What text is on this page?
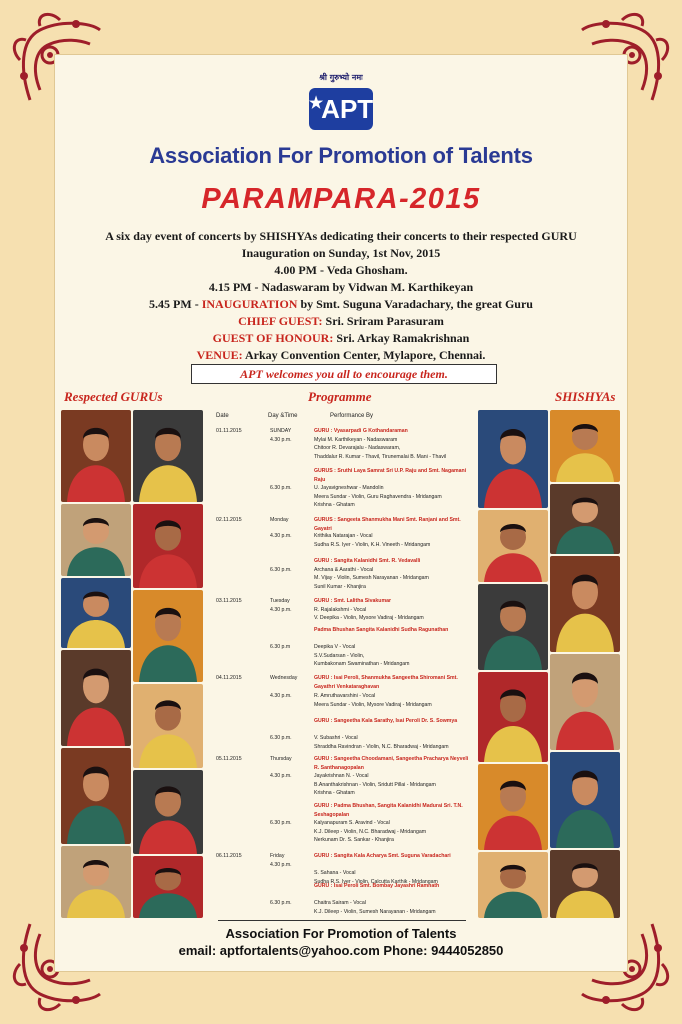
श्री गुरुभ्यो नमः
★
APT
Association For Promotion of Talents
PARAMPARA-2015
A six day event of concerts by SHISHYAs dedicating their concerts to their respected GURU
Inauguration on Sunday, 1st Nov, 2015
4.00 PM - Veda Ghosham.
4.15 PM - Nadaswaram by Vidwan M. Karthikeyan
5.45 PM - INAUGURATION by Smt. Suguna Varadachary, the great Guru
CHIEF GUEST: Sri. Sriram Parasuram
GUEST OF HONOUR: Sri. Arkay Ramakrishnan
VENUE: Arkay Convention Center, Mylapore, Chennai.
APT welcomes you all to encourage them.
Respected GURUs	Programme	SHISHYAs
Date	Day &Time	Performance By
01.11.2015	SUNDAY	GURU : Vyasarpadi G Kothandaraman
4.30 p.m.	Mylai M. Karthikeyan - Nadaswaram
Chitoor R. Devarajalu - Nadaswaram,
Thaddalur R. Kumar - Thavil, Tirunemalai B. Mani - Thavil
GURUS : Sruthi Laya Samrat Sri U.P. Raju and Smt. Nagamani Raju
6.30 p.m.	U. Jayavigneshwar - Mandolin
Meera Sundar - Violin, Guru Raghavendra - Mridangam
Krishna - Ghatam
02.11.2015	Monday	GURUS : Sangeeta Shanmukha Mani Smt. Ranjani and Smt. Gayatri
4.30 p.m.	Krithika Natarajan - Vocal
Sudha R.S. Iyer - Violin, K.H. Vineeth - Mridangam
GURU : Sangita Kalanidhi Smt. R. Vedavalli
6.30 p.m.	Archana & Aarathi - Vocal
M. Vijay - Violin, Sumesh Narayanan - Mridangam
Sunil Kumar - Khanjira
03.11.2015	Tuesday	GURU : Smt. Lalitha Sivakumar
4.30 p.m.	R. Rajalakshmi - Vocal
V. Deepika - Violin, Mysore Vadiraj - Mridangam
Padma Bhushan Sangita Kalanidhi Sudha Ragunathan
6.30 p.m	Deepika V - Vocal
S.V.Sudarsan - Violin,
Kumbakonam Swaminathan - Mridangam
04.11.2015	Wednesday	GURU : Isai Peroli, Shanmukha Sangeetha Shiromani Smt. Gayathri Venkataraghavan
4.30 p.m.	R. Amruthavarshini - Vocal
Meera Sundar - Violin, Mysore Vadiraj - Mridangam
GURU : Sangeetha Kala Sarathy, Isai Peroli Dr. S. Sowmya
6.30 p.m.	V. Subashri - Vocal
Shraddha Ravindran - Violin, N.C. Bharadwaj - Mridangam
05.11.2015	Thursday	GURU : Sangeetha Choodamani, Sangeetha Pracharya Neyveli R. Santhanagopalan
4.30 p.m.	Jayakrishnan N. - Vocal
B.Ananthakrishnan - Violin, Sridutt Pillai - Mridangam
Krishna - Ghatam
GURU : Padma Bhushan, Sangita Kalanidhi Madurai Sri. T.N. Seshagopalan
6.30 p.m.	Kalyanapuram S. Aravind - Vocal
K.J. Dileep - Violin, N.C. Bharadwaj - Mridangam
Nerkunam Dr. S. Sankar - Khanjira
06.11.2015	Friday	GURU : Sangita Kala Acharya Smt. Suguna Varadachari
4.30 p.m.
S. Sahana - Vocal
Sudha R.S. Iyer - Violin, Calcutta Karthik - Mridangam
GURU : Isai Peroli Smt. Bombay Jayashri Ramnath
6.30 p.m.	Chaitra Sairam - Vocal
K.J. Dileep - Violin, Sumesh Narayanan - Mridangam
Association For Promotion of Talents
email: aptfortalents@yahoo.com Phone: 9444052850
